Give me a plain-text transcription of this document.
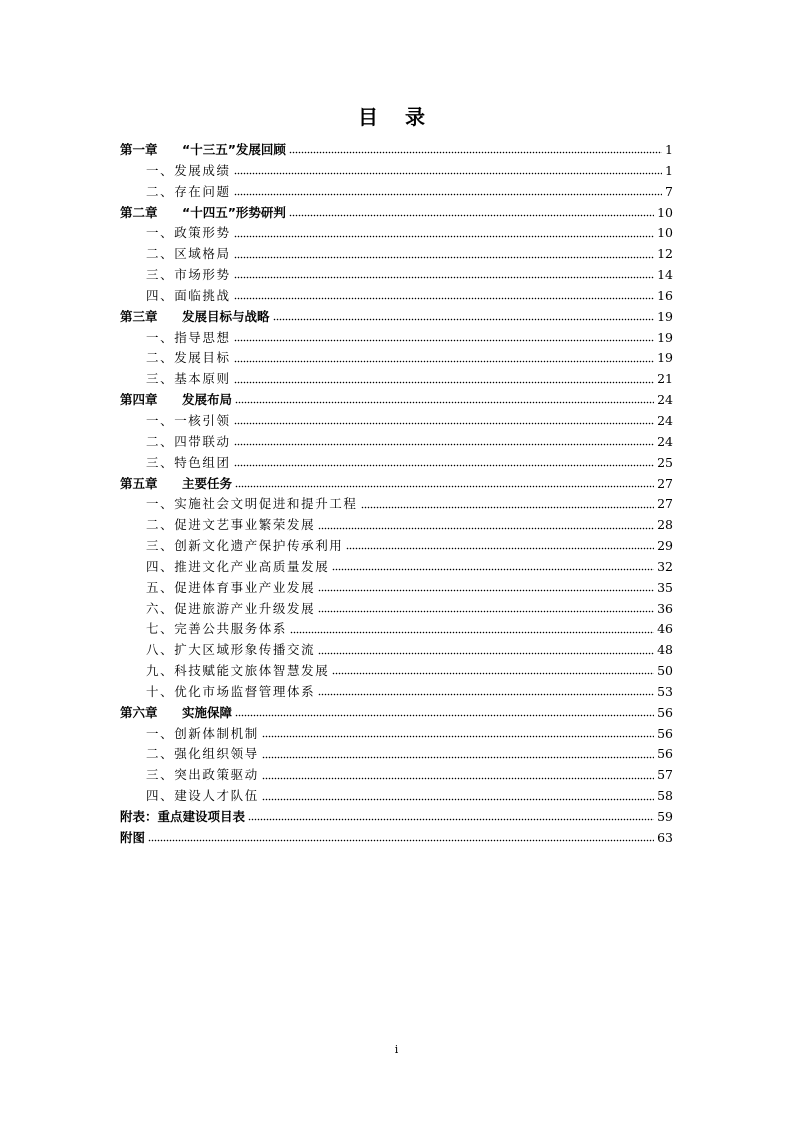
目 录
第一章 “十三五”发展回顾	1
一、发展成绩	1
二、存在问题	7
第二章 “十四五”形势研判	10
一、政策形势	10
二、区域格局	12
三、市场形势	14
四、面临挑战	16
第三章 发展目标与战略	19
一、指导思想	19
二、发展目标	19
三、基本原则	21
第四章 发展布局	24
一、一核引领	24
二、四带联动	24
三、特色组团	25
第五章 主要任务	27
一、实施社会文明促进和提升工程	27
二、促进文艺事业繁荣发展	28
三、创新文化遗产保护传承利用	29
四、推进文化产业高质量发展	32
五、促进体育事业产业发展	35
六、促进旅游产业升级发展	36
七、完善公共服务体系	46
八、扩大区域形象传播交流	48
九、科技赋能文旅体智慧发展	50
十、优化市场监督管理体系	53
第六章 实施保障	56
一、创新体制机制	56
二、强化组织领导	56
三、突出政策驱动	57
四、建设人才队伍	58
附表：重点建设项目表	59
附图	63
i
